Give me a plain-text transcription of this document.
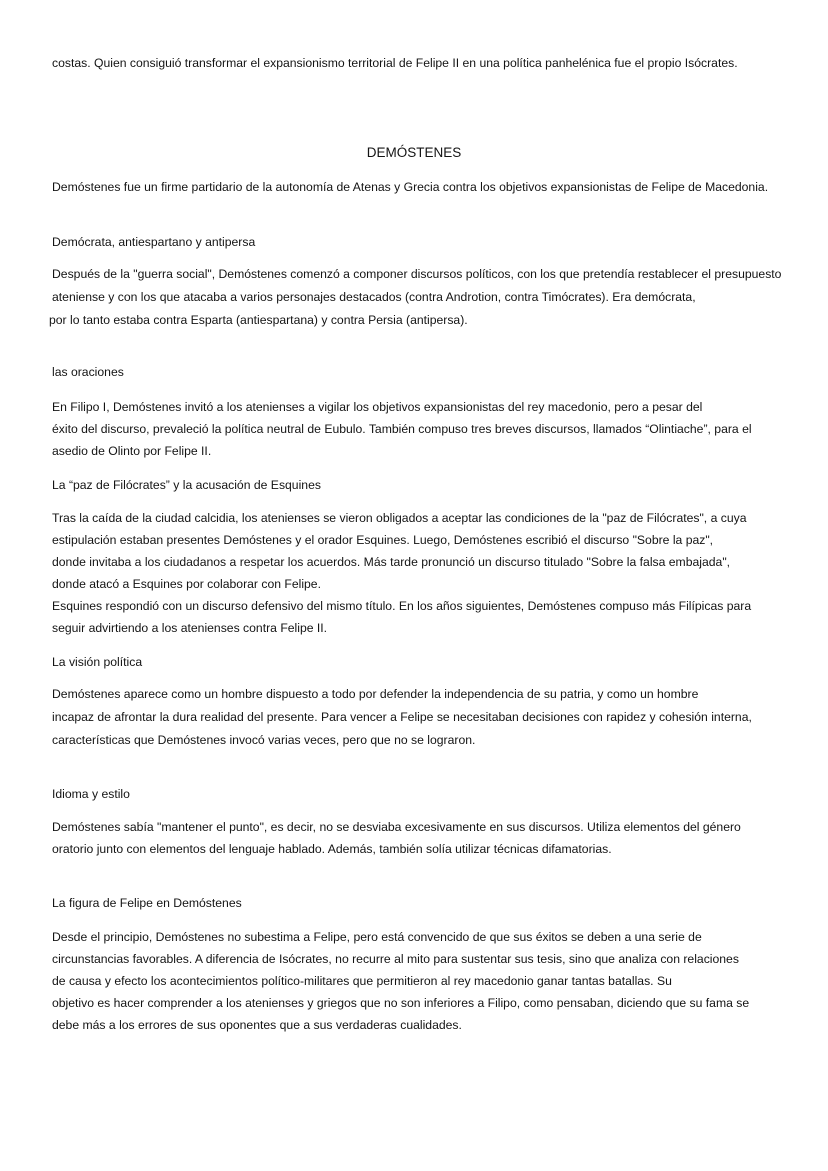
costas. Quien consiguió transformar el expansionismo territorial de Felipe II en una política panhelénica fue el propio Isócrates.
DEMÓSTENES
Demóstenes fue un firme partidario de la autonomía de Atenas y Grecia contra los objetivos expansionistas de Felipe de Macedonia.
Demócrata, antiespartano y antipersa
Después de la "guerra social", Demóstenes comenzó a componer discursos políticos, con los que pretendía restablecer el presupuesto
ateniense y con los que atacaba a varios personajes destacados (contra Androtion, contra Timócrates). Era demócrata,
por lo tanto estaba contra Esparta (antiespartana) y contra Persia (antipersa).
las oraciones
En Filipo I, Demóstenes invitó a los atenienses a vigilar los objetivos expansionistas del rey macedonio, pero a pesar del
éxito del discurso, prevaleció la política neutral de Eubulo. También compuso tres breves discursos, llamados “Olintiache”, para el
asedio de Olinto por Felipe II.
La “paz de Filócrates” y la acusación de Esquines
Tras la caída de la ciudad calcidia, los atenienses se vieron obligados a aceptar las condiciones de la "paz de Filócrates", a cuya
estipulación estaban presentes Demóstenes y el orador Esquines. Luego, Demóstenes escribió el discurso "Sobre la paz",
donde invitaba a los ciudadanos a respetar los acuerdos. Más tarde pronunció un discurso titulado "Sobre la falsa embajada",
donde atacó a Esquines por colaborar con Felipe.
Esquines respondió con un discurso defensivo del mismo título. En los años siguientes, Demóstenes compuso más Filípicas para
seguir advirtiendo a los atenienses contra Felipe II.
La visión política
Demóstenes aparece como un hombre dispuesto a todo por defender la independencia de su patria, y como un hombre
incapaz de afrontar la dura realidad del presente. Para vencer a Felipe se necesitaban decisiones con rapidez y cohesión interna,
características que Demóstenes invocó varias veces, pero que no se lograron.
Idioma y estilo
Demóstenes sabía "mantener el punto", es decir, no se desviaba excesivamente en sus discursos. Utiliza elementos del género
oratorio junto con elementos del lenguaje hablado. Además, también solía utilizar técnicas difamatorias.
La figura de Felipe en Demóstenes
Desde el principio, Demóstenes no subestima a Felipe, pero está convencido de que sus éxitos se deben a una serie de
circunstancias favorables. A diferencia de Isócrates, no recurre al mito para sustentar sus tesis, sino que analiza con relaciones
de causa y efecto los acontecimientos político-militares que permitieron al rey macedonio ganar tantas batallas. Su
objetivo es hacer comprender a los atenienses y griegos que no son inferiores a Filipo, como pensaban, diciendo que su fama se
debe más a los errores de sus oponentes que a sus verdaderas cualidades.
